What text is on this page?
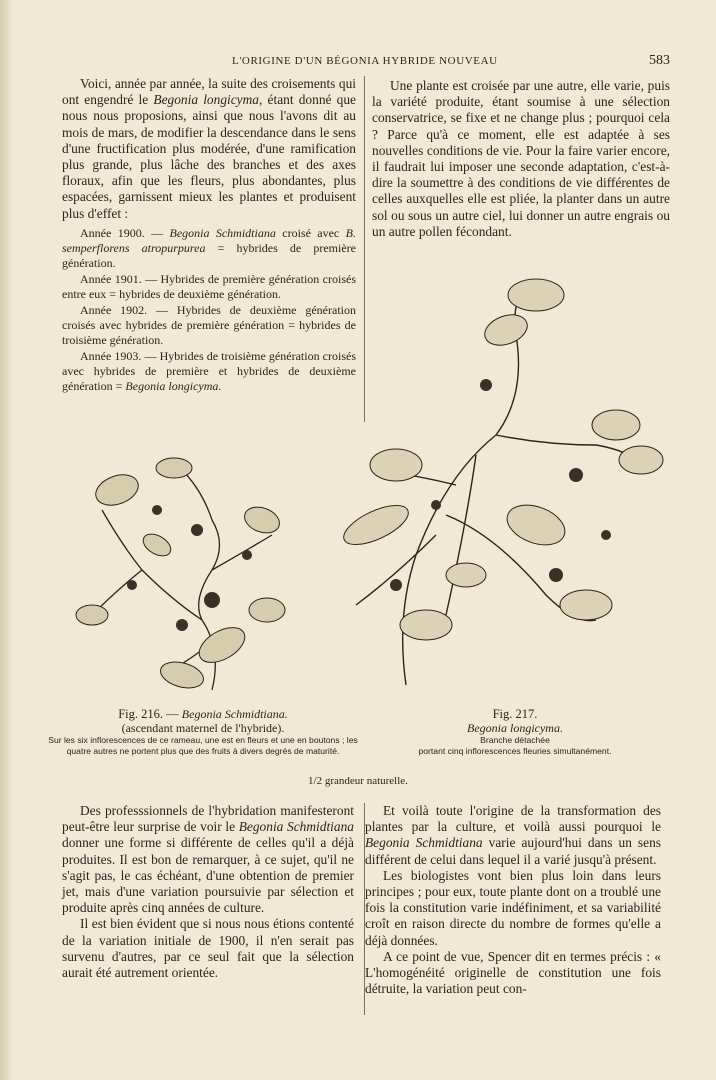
L'ORIGINE D'UN BÉGONIA HYBRIDE NOUVEAU	583

Voici, année par année, la suite des croisements qui ont engendré le Begonia longicyma, étant donné que nous nous proposions, ainsi que nous l'avons dit au mois de mars, de modifier la descendance dans le sens d'une fructification plus modérée, d'une ramification plus grande, plus lâche des branches et des axes floraux, afin que les fleurs, plus abondantes, plus espacées, garnissent mieux les plantes et produisent plus d'effet :

Année 1900. — Begonia Schmidtiana croisé avec B. semperflorens atropurpurea = hybrides de première génération.

Année 1901. — Hybrides de première génération croisés entre eux = hybrides de deuxième génération.

Année 1902. — Hybrides de deuxième génération croisés avec hybrides de première génération = hybrides de troisième génération.

Année 1903. — Hybrides de troisième génération croisés avec hybrides de première et hybrides de deuxième génération = Begonia longicyma.

Une plante est croisée par une autre, elle varie, puis la variété produite, étant soumise à une sélection conservatrice, se fixe et ne change plus ; pourquoi cela ? Parce qu'à ce moment, elle est adaptée à ses nouvelles conditions de vie. Pour la faire varier encore, il faudrait lui imposer une seconde adaptation, c'est-à-dire la soumettre à des conditions de vie différentes de celles auxquelles elle est pliée, la planter dans un autre sol ou sous un autre ciel, lui donner un autre engrais ou un autre pollen fécondant.

Fig. 216. — Begonia Schmidtiana.
(ascendant maternel de l'hybride).
Sur les six inflorescences de ce rameau, une est en fleurs et une en boutons ; les quatre autres ne portent plus que des fruits à divers degrés de maturité.
Fig. 217.
Begonia longicyma.
Branche détachée
portant cinq inflorescences fleuries simultanément.
1/2 grandeur naturelle.

Des professsionnels de l'hybridation manifesteront peut-être leur surprise de voir le Begonia Schmidtiana donner une forme si différente de celles qu'il a déjà produites. Il est bon de remarquer, à ce sujet, qu'il ne s'agit pas, le cas échéant, d'une obtention de premier jet, mais d'une variation poursuivie par sélection et produite après cinq années de culture.

Il est bien évident que si nous nous étions contenté de la variation initiale de 1900, il n'en serait pas survenu d'autres, par ce seul fait que la sélection aurait été autrement orientée.

Et voilà toute l'origine de la transformation des plantes par la culture, et voilà aussi pourquoi le Begonia Schmidtiana varie aujourd'hui dans un sens différent de celui dans lequel il a varié jusqu'à présent.

Les biologistes vont bien plus loin dans leurs principes ; pour eux, toute plante dont on a troublé une fois la constitution varie indéfiniment, et sa variabilité croît en raison directe du nombre de formes qu'elle a déjà données.

A ce point de vue, Spencer dit en termes précis : « L'homogénéité originelle de constitution une fois détruite, la variation peut con-
